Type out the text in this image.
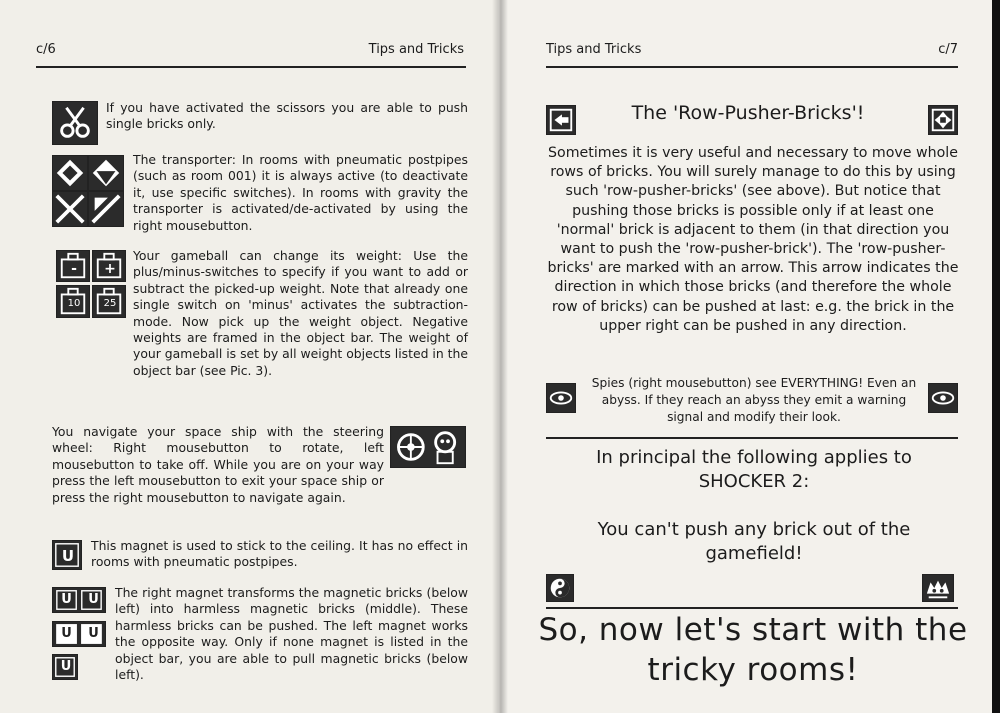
c/6	Tips and Tricks
If you have activated the scissors you are able to push single bricks only.
The transporter: In rooms with pneumatic postpipes (such as room 001) it is always active (to deactivate it, use specific switches). In rooms with gravity the transporter is activated/de-activated by using the right mousebutton.
-	+
10	25
Your gameball can change its weight: Use the plus/minus-switches to specify if you want to add or subtract the picked-up weight. Note that already one single switch on 'minus' activates the subtraction-mode. Now pick up the weight object. Negative weights are framed in the object bar. The weight of your gameball is set by all weight objects listed in the object bar (see Pic. 3).
You navigate your space ship with the steering wheel: Right mousebutton to rotate, left mousebutton to take off. While you are on your way press the left mousebutton to exit your space ship or press the right mousebutton to navigate again.
U
This magnet is used to stick to the ceiling. It has no effect in rooms with pneumatic postpipes.
U	U
U	U
U
The right magnet transforms the magnetic bricks (below left) into harmless magnetic bricks (middle). These harmless bricks can be pushed. The left magnet works the opposite way. Only if none magnet is listed in the object bar, you are able to pull magnetic bricks (below left).
Tips and Tricks	c/7
The 'Row-Pusher-Bricks'!
Sometimes it is very useful and necessary to move whole rows of bricks. You will surely manage to do this by using such 'row-pusher-bricks' (see above). But notice that pushing those bricks is possible only if at least one 'normal' brick is adjacent to them (in that direction you want to push the 'row-pusher-brick'). The 'row-pusher-bricks' are marked with an arrow. This arrow indicates the direction in which those bricks (and therefore the whole row of bricks) can be pushed at last: e.g. the brick in the upper right can be pushed in any direction.
Spies (right mousebutton) see EVERYTHING! Even an abyss. If they reach an abyss they emit a warning signal and modify their look.
In principal the following applies to SHOCKER 2:
You can't push any brick out of the gamefield!
So, now let's start with the tricky rooms!
